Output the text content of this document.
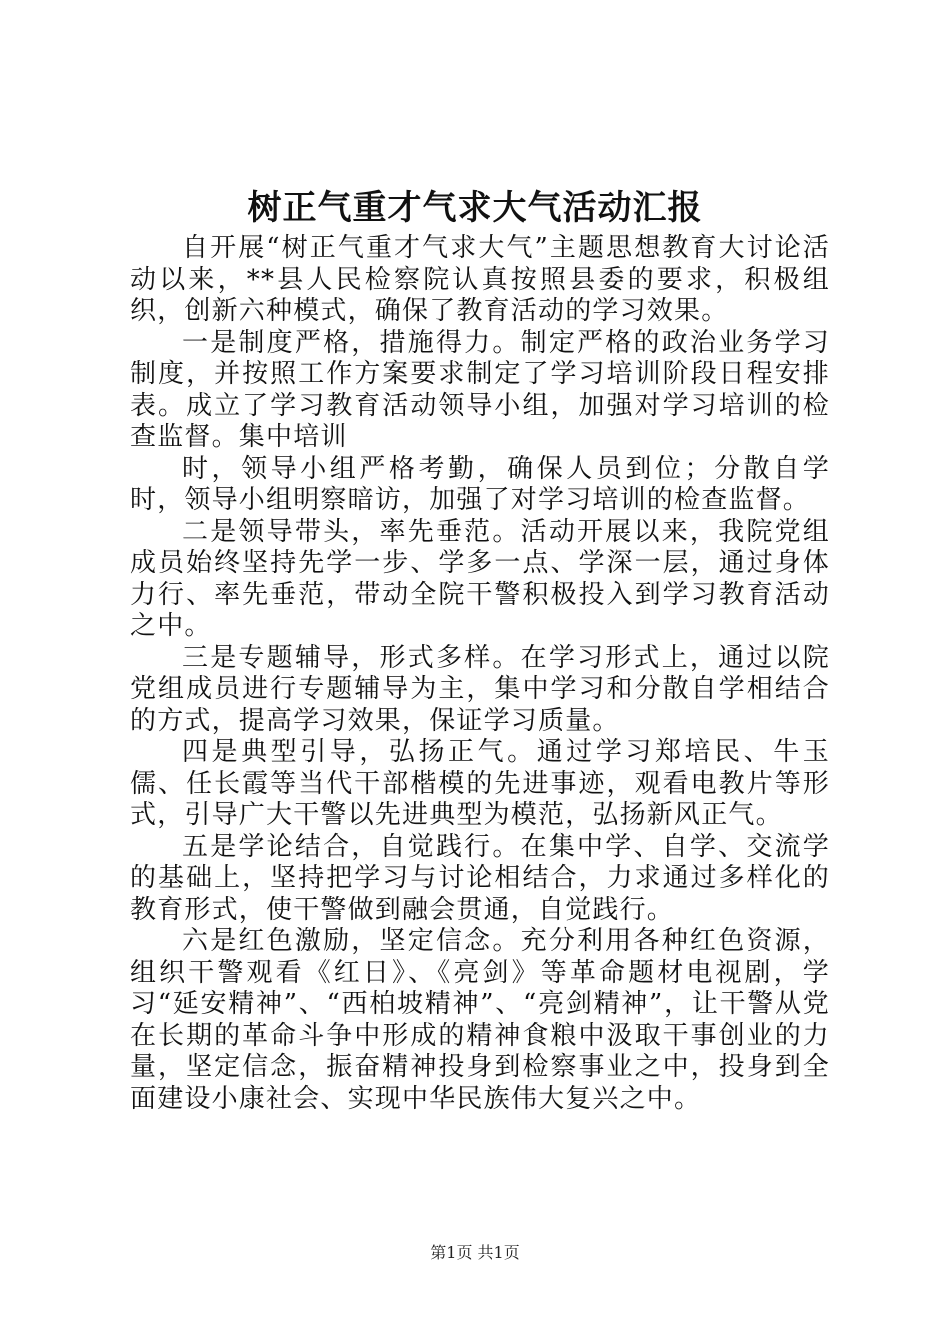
树正气重才气求大气活动汇报

自开展“树正气重才气求大气”主题思想教育大讨论活动以来，**县人民检察院认真按照县委的要求，积极组织，创新六种模式，确保了教育活动的学习效果。

一是制度严格，措施得力。制定严格的政治业务学习制度，并按照工作方案要求制定了学习培训阶段日程安排表。成立了学习教育活动领导小组，加强对学习培训的检查监督。集中培训

时，领导小组严格考勤，确保人员到位；分散自学时，领导小组明察暗访，加强了对学习培训的检查监督。

二是领导带头，率先垂范。活动开展以来，我院党组成员始终坚持先学一步、学多一点、学深一层，通过身体力行、率先垂范，带动全院干警积极投入到学习教育活动之中。

三是专题辅导，形式多样。在学习形式上，通过以院党组成员进行专题辅导为主，集中学习和分散自学相结合的方式，提高学习效果，保证学习质量。

四是典型引导，弘扬正气。通过学习郑培民、牛玉儒、任长霞等当代干部楷模的先进事迹，观看电教片等形式，引导广大干警以先进典型为模范，弘扬新风正气。

五是学论结合，自觉践行。在集中学、自学、交流学的基础上，坚持把学习与讨论相结合，力求通过多样化的教育形式，使干警做到融会贯通，自觉践行。

六是红色激励，坚定信念。充分利用各种红色资源，组织干警观看《红日》、《亮剑》等革命题材电视剧，学习“延安精神”、“西柏坡精神”、“亮剑精神”，让干警从党在长期的革命斗争中形成的精神食粮中汲取干事创业的力量，坚定信念，振奋精神投身到检察事业之中，投身到全面建设小康社会、实现中华民族伟大复兴之中。

第1页 共1页
